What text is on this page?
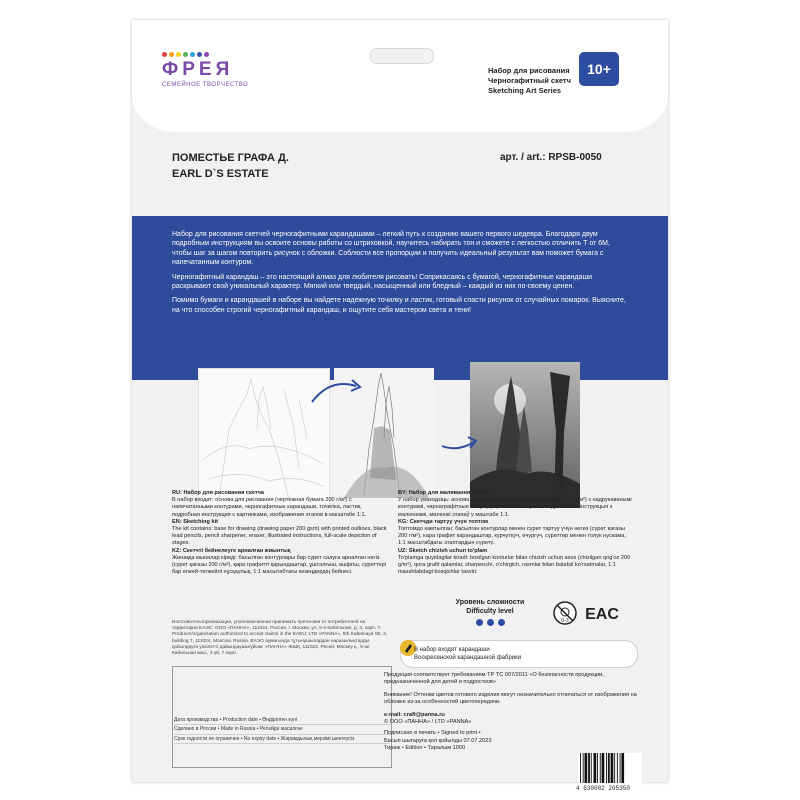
ФРЕЯ
СЕМЕЙНОЕ ТВОРЧЕСТВО
Набор для рисования
Черногафитный скетч
Sketching Art Series
10+
ПОМЕСТЬЕ ГРАФА Д.
EARL D`S ESTATE
арт. / art.: RPSB-0050

Набор для рисования скетчей черногафитными карандашами – легкий путь к созданию вашего первого шедевра. Благодаря двум подробным инструкциям вы освоите основы работы со штриховкой, научитесь набирать тон и сможете с легкостью отличить Т от 6М, чтобы шаг за шагом повторить рисунок с обложки. Соблюсти все пропорции и получить идеальный результат вам поможет бумага с напечатанным контуром.

Черногафитный карандаш – это настоящий алмаз для любителя рисовать! Соприкасаясь с бумагой, черногафитные карандаши раскрывают свой уникальный характер. Мягкий или твердый, насыщенный или бледный – каждый из них по-своему ценен.

Помимо бумаги и карандашей в наборе вы найдете надежную точилку и ластик, готовый спасти рисунок от случайных помарок. Выясните, на что способен строгий черногафитный карандаш, и ощутите себя мастером света и тени!

RU: Набор для рисования скетча
В набор входит: основа для рисования (чертежная бумага 200 г/м²) с напечатанными контурами, черногафитные карандаши, точилка, ластик, подробная инструкция с картинками, изображения этапов в масштабе 1:1.
EN: Sketching kit
The kit contains: base for drawing (drawing paper 200 gsm) with printed outlines, black lead pencils, pencil sharpener, eraser, illustrated instructions, full-scale depiction of stages.
KZ: Скетчті бейнелеуге арналған жиынтық
Жинаққа мыналар кіреді: басылған контурлары бар сурет салуға арналған негіз (сурет қағазы 200 г/м²), қара графитті қарындаштар, ұшталғыш, өшіргіш, суреттері бар егжей-тегжейлі нұсқаулық, 1:1 масштабтағы кезеңдердің бейнесі.
BY: Набор для малявання скетчу
У набор уваходзіць: аснова для малявання (чарцежнай паперы 200 г/м²) з надрукаванымі контурамі, чарнаграфітныя алоўкі, фармаатэйка, гумка, падрабязная інструкцыя з малюнкамі, малюнкі этапаў у маштабе 1:1.
KG: Скетчди тартуу үчүн топтом
Топтомдо камтылган: басылган контурлар менен сүрөт тартуу үчүн негиз (сүрөт кагазы 200 г/м²), кара графит карандаштар, курчуткуч, өчүргүч, сүрөттөр менен толук нускама, 1:1 масштабдагы этаптардын сүрөтү.
UZ: Sketch chizish uchun to'plam
To'plamga quyidagilar kiradi: bosilgan konturlar bilan chizish uchun asos (chizilgan qog'oz 200 g/m²), qora grafit qalamlar, sharpenchi, o'chirgich, rasmlar bilan batafsil ko'rsatmalar, 1:1 masshtabdagi bosqichlar tasviri.
Уровень сложности
Difficulty level
0-3 EAC
Изготовитель/организация, уполномоченная принимать претензии от потребителей на территории ЕАЭС: ООО «ПАННА», 111024, Россия, г. Москва, ул. 5-я Кабельная, д. 3, корп. 7. Producer/organization authorized to accept claims in the EAEU: LTD «PANNA», 5th Kabelnaya Str, 3, building 7, 111024, Moscow, Russia. ЕАЭО аумағында тұтынушылардан наразылықтарды қабылдауға уәкілетті дайындаушы/ұйым: «ПАННА» ЖШҚ, 111024, Ресей, Мәскеу қ., 5-ші Кабельная көш., 3 үй, 7 корп.
Дата производства • Production date • Өндірілген күні
Сделано в России • Made in Russia • Ресейде жасалған
Срок годности не ограничен • No expiry date • Жарамдылық мерзімі шектеусіз
В набор входят карандаши
Воскресенской карандашной фабрики

Продукция соответствует требованиям ТР ТС 007/2011 «О безопасности продукции, предназначенной для детей и подростков»

Внимание! Оттенки цветов готового изделия могут незначительно отличаться от изображения на обложке из-за особенностей цветопередачи.

e-mail: craft@panna.ru
© ООО «ПАННА» / LTD «PANNA»
Подписано в печать • Signed to print •
Басып шығаруға қол қойылды 07.07.2023
Тираж • Edition • Таралым 1000
4 630082 205350
